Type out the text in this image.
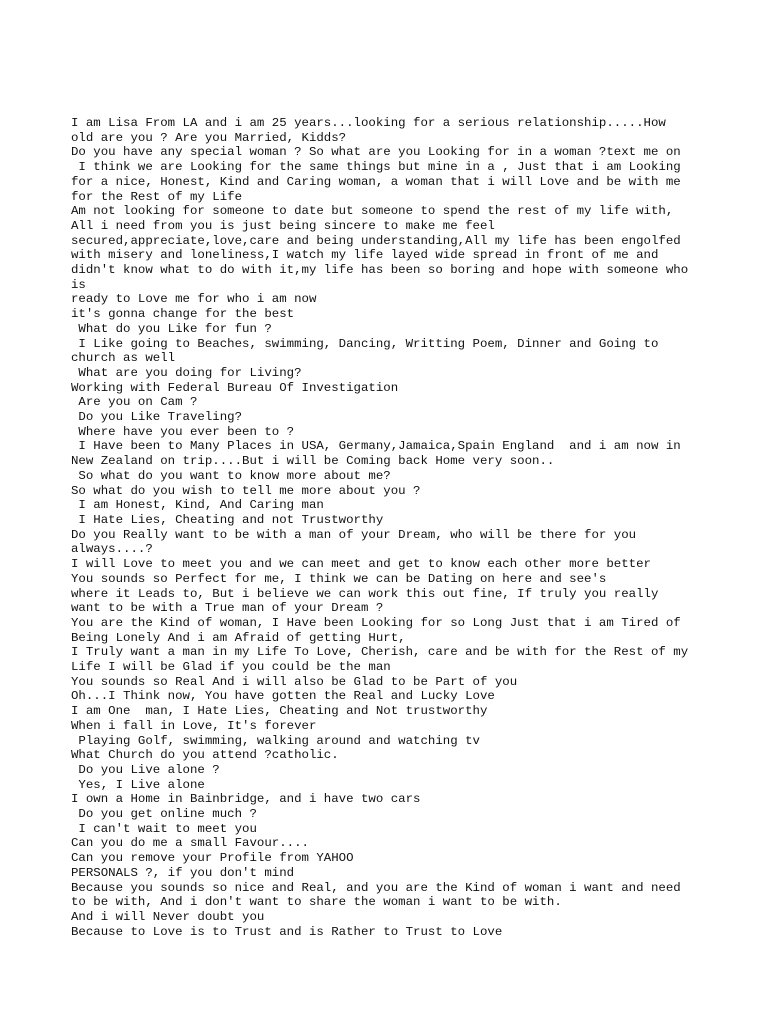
I am Lisa From LA and i am 25 years...looking for a serious relationship.....How
old are you ? Are you Married, Kidds?
Do you have any special woman ? So what are you Looking for in a woman ?text me on
I think we are Looking for the same things but mine in a , Just that i am Looking
for a nice, Honest, Kind and Caring woman, a woman that i will Love and be with me
for the Rest of my Life
Am not looking for someone to date but someone to spend the rest of my life with,
All i need from you is just being sincere to make me feel
secured,appreciate,love,care and being understanding,All my life has been engolfed
with misery and loneliness,I watch my life layed wide spread in front of me and
didn't know what to do with it,my life has been so boring and hope with someone who
is
ready to Love me for who i am now
it's gonna change for the best
What do you Like for fun ?
I Like going to Beaches, swimming, Dancing, Writting Poem, Dinner and Going to
church as well
What are you doing for Living?
Working with Federal Bureau Of Investigation
Are you on Cam ?
Do you Like Traveling?
Where have you ever been to ?
I Have been to Many Places in USA, Germany,Jamaica,Spain England  and i am now in
New Zealand on trip....But i will be Coming back Home very soon..
So what do you want to know more about me?
So what do you wish to tell me more about you ?
I am Honest, Kind, And Caring man
I Hate Lies, Cheating and not Trustworthy
Do you Really want to be with a man of your Dream, who will be there for you
always....?
I will Love to meet you and we can meet and get to know each other more better
You sounds so Perfect for me, I think we can be Dating on here and see's
where it Leads to, But i believe we can work this out fine, If truly you really
want to be with a True man of your Dream ?
You are the Kind of woman, I Have been Looking for so Long Just that i am Tired of
Being Lonely And i am Afraid of getting Hurt,
I Truly want a man in my Life To Love, Cherish, care and be with for the Rest of my
Life I will be Glad if you could be the man
You sounds so Real And i will also be Glad to be Part of you
Oh...I Think now, You have gotten the Real and Lucky Love
I am One  man, I Hate Lies, Cheating and Not trustworthy
When i fall in Love, It's forever
Playing Golf, swimming, walking around and watching tv
What Church do you attend ?catholic.
Do you Live alone ?
Yes, I Live alone
I own a Home in Bainbridge, and i have two cars
Do you get online much ?
I can't wait to meet you
Can you do me a small Favour....
Can you remove your Profile from YAHOO
PERSONALS ?, if you don't mind
Because you sounds so nice and Real, and you are the Kind of woman i want and need
to be with, And i don't want to share the woman i want to be with.
And i will Never doubt you
Because to Love is to Trust and is Rather to Trust to Love
